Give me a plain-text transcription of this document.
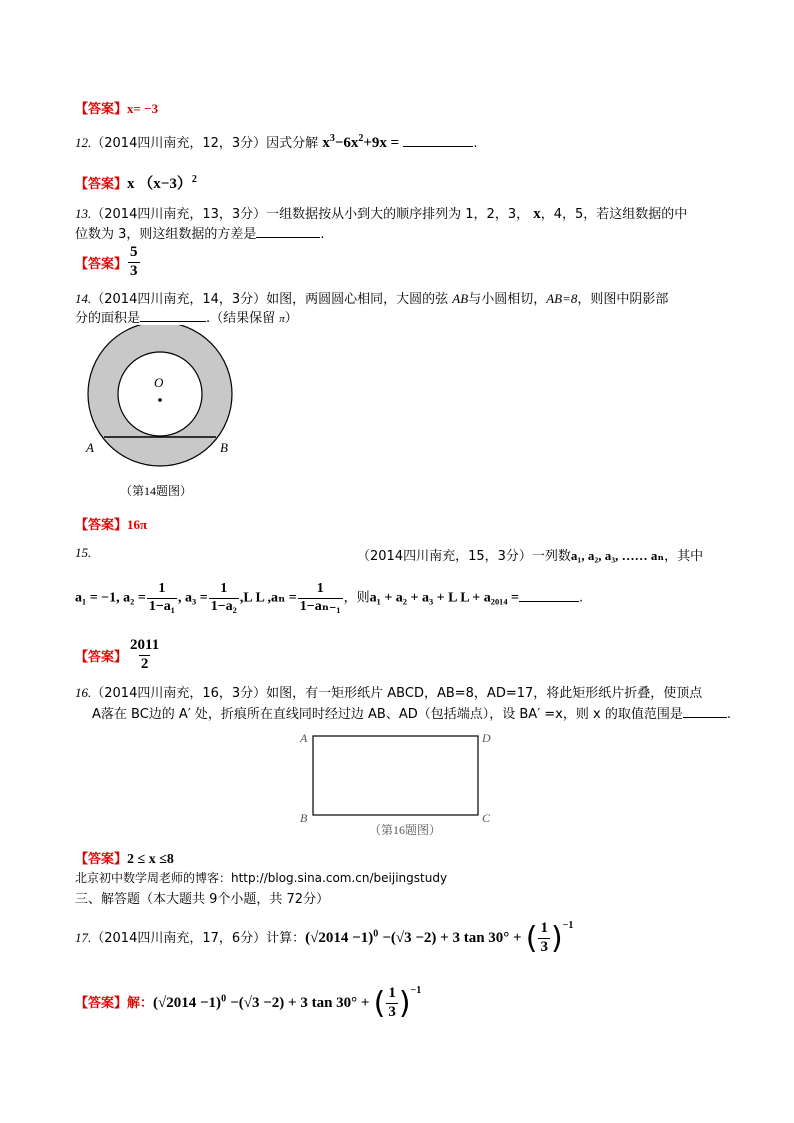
【答案】x= −3
12.（2014四川南充，12，3分）因式分解 $x^3-6x^2+9x$ =	.
【答案】x $(x-3)^2$
13.（2014四川南充，13，3分）一组数据按从小到大的顺序排列为 1，2，3， x，4，5，若这组数据的中
位数为 3，则这组数据的方差是	.
【答案】 $\frac{5}{3}$
14.（2014四川南充，14，3分）如图，两圆圆心相同，大圆的弦 AB与小圆相切，AB=8，则图中阴影部
分的面积是	.（结果保留 π）
O
A	B
（第14题图）
【答案】16π
15.	（2014四川南充，15，3分）一列数a₁, a₂, a₃, …… aₙ，其中
a₁ = −1, $a_2 = \frac{1}{\text{1−a₁}}$ , $a_3 = \frac{1}{\text{1−a₂}} ,L$ L $,a_n = \frac{1}{\text{1−aₙ₋₁}}$ ，则a₁ + a₂ + a₃ + L L + a₂₀₁₄ =	.
【答案】 $\frac{2011}{2}$
16.（2014四川南充，16，3分）如图，有一矩形纸片 ABCD，AB=8，AD=17，将此矩形纸片折叠，使顶点
A落在 BC边的 A′ 处，折痕所在直线同时经过边 AB、AD（包括端点），设 BA′ =x，则 x 的取值范围是	.
A	D
B	C
（第16题图）
【答案】2 ≤ x ≤8
北京初中数学周老师的博客：http://blog.sina.com.cn/beijingstudy
三、解答题（本大题共 9个小题，共 72分）
17.（2014四川南充，17，6分）计算：$(√2014 -1)^0 -(√3 -2) + 3$ tan 30° + ( $\frac{1}{3} )^{-1}$
【答案】解：$(√2014 -1)^0 -(√3 -2) + 3$ tan 30° + ( $\frac{1}{3} )^{-1}$
